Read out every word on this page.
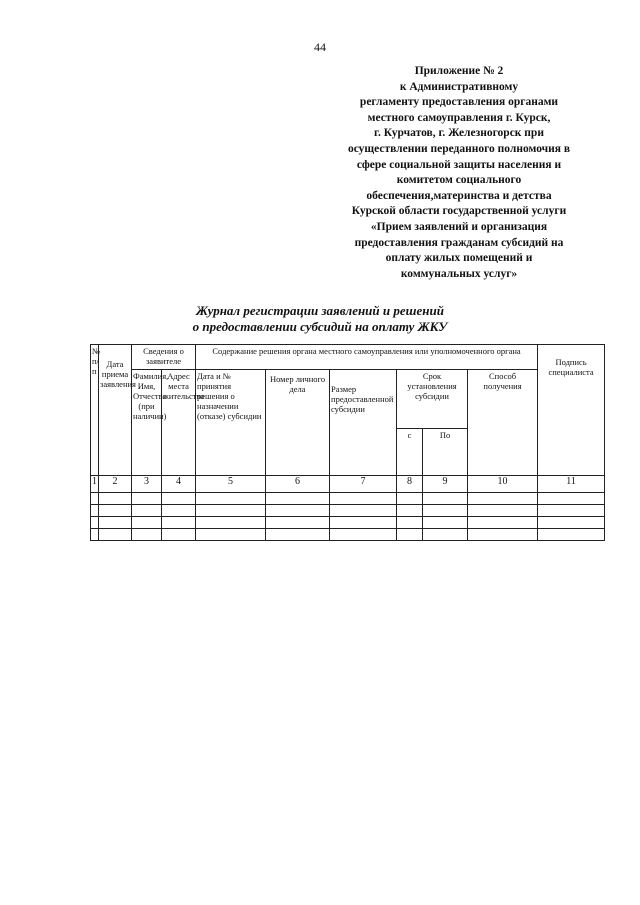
44
Приложение № 2
к Административному
регламенту предоставления органами
местного самоуправления г. Курск,
г. Курчатов, г. Железногорск при
осуществлении переданного полномочия в
сфере социальной защиты населения и
комитетом социального
обеспечения,материнства и детства
Курской области государственной услуги
«Прием заявлений и организация
предоставления гражданам субсидий на
оплату жилых помещений и
коммунальных услуг»
Журнал регистрации заявлений и решений
о предоставлении субсидий на оплату ЖКУ
№ п/п	Дата приема заявления	Сведения о заявителе		Содержание решения органа местного самоуправления или уполномоченного органа						Подпись специалиста
		Фамилия, Имя, Отчество (при наличии)	Адрес места жительства	Дата и № принятия решения о назначении (отказе) субсидии	Номер личного дела	Размер предоставленной субсидии	Срок установления субсидии		Способ получения	
							с	По		
1	2	3	4	5	6	7	8	9	10	11
